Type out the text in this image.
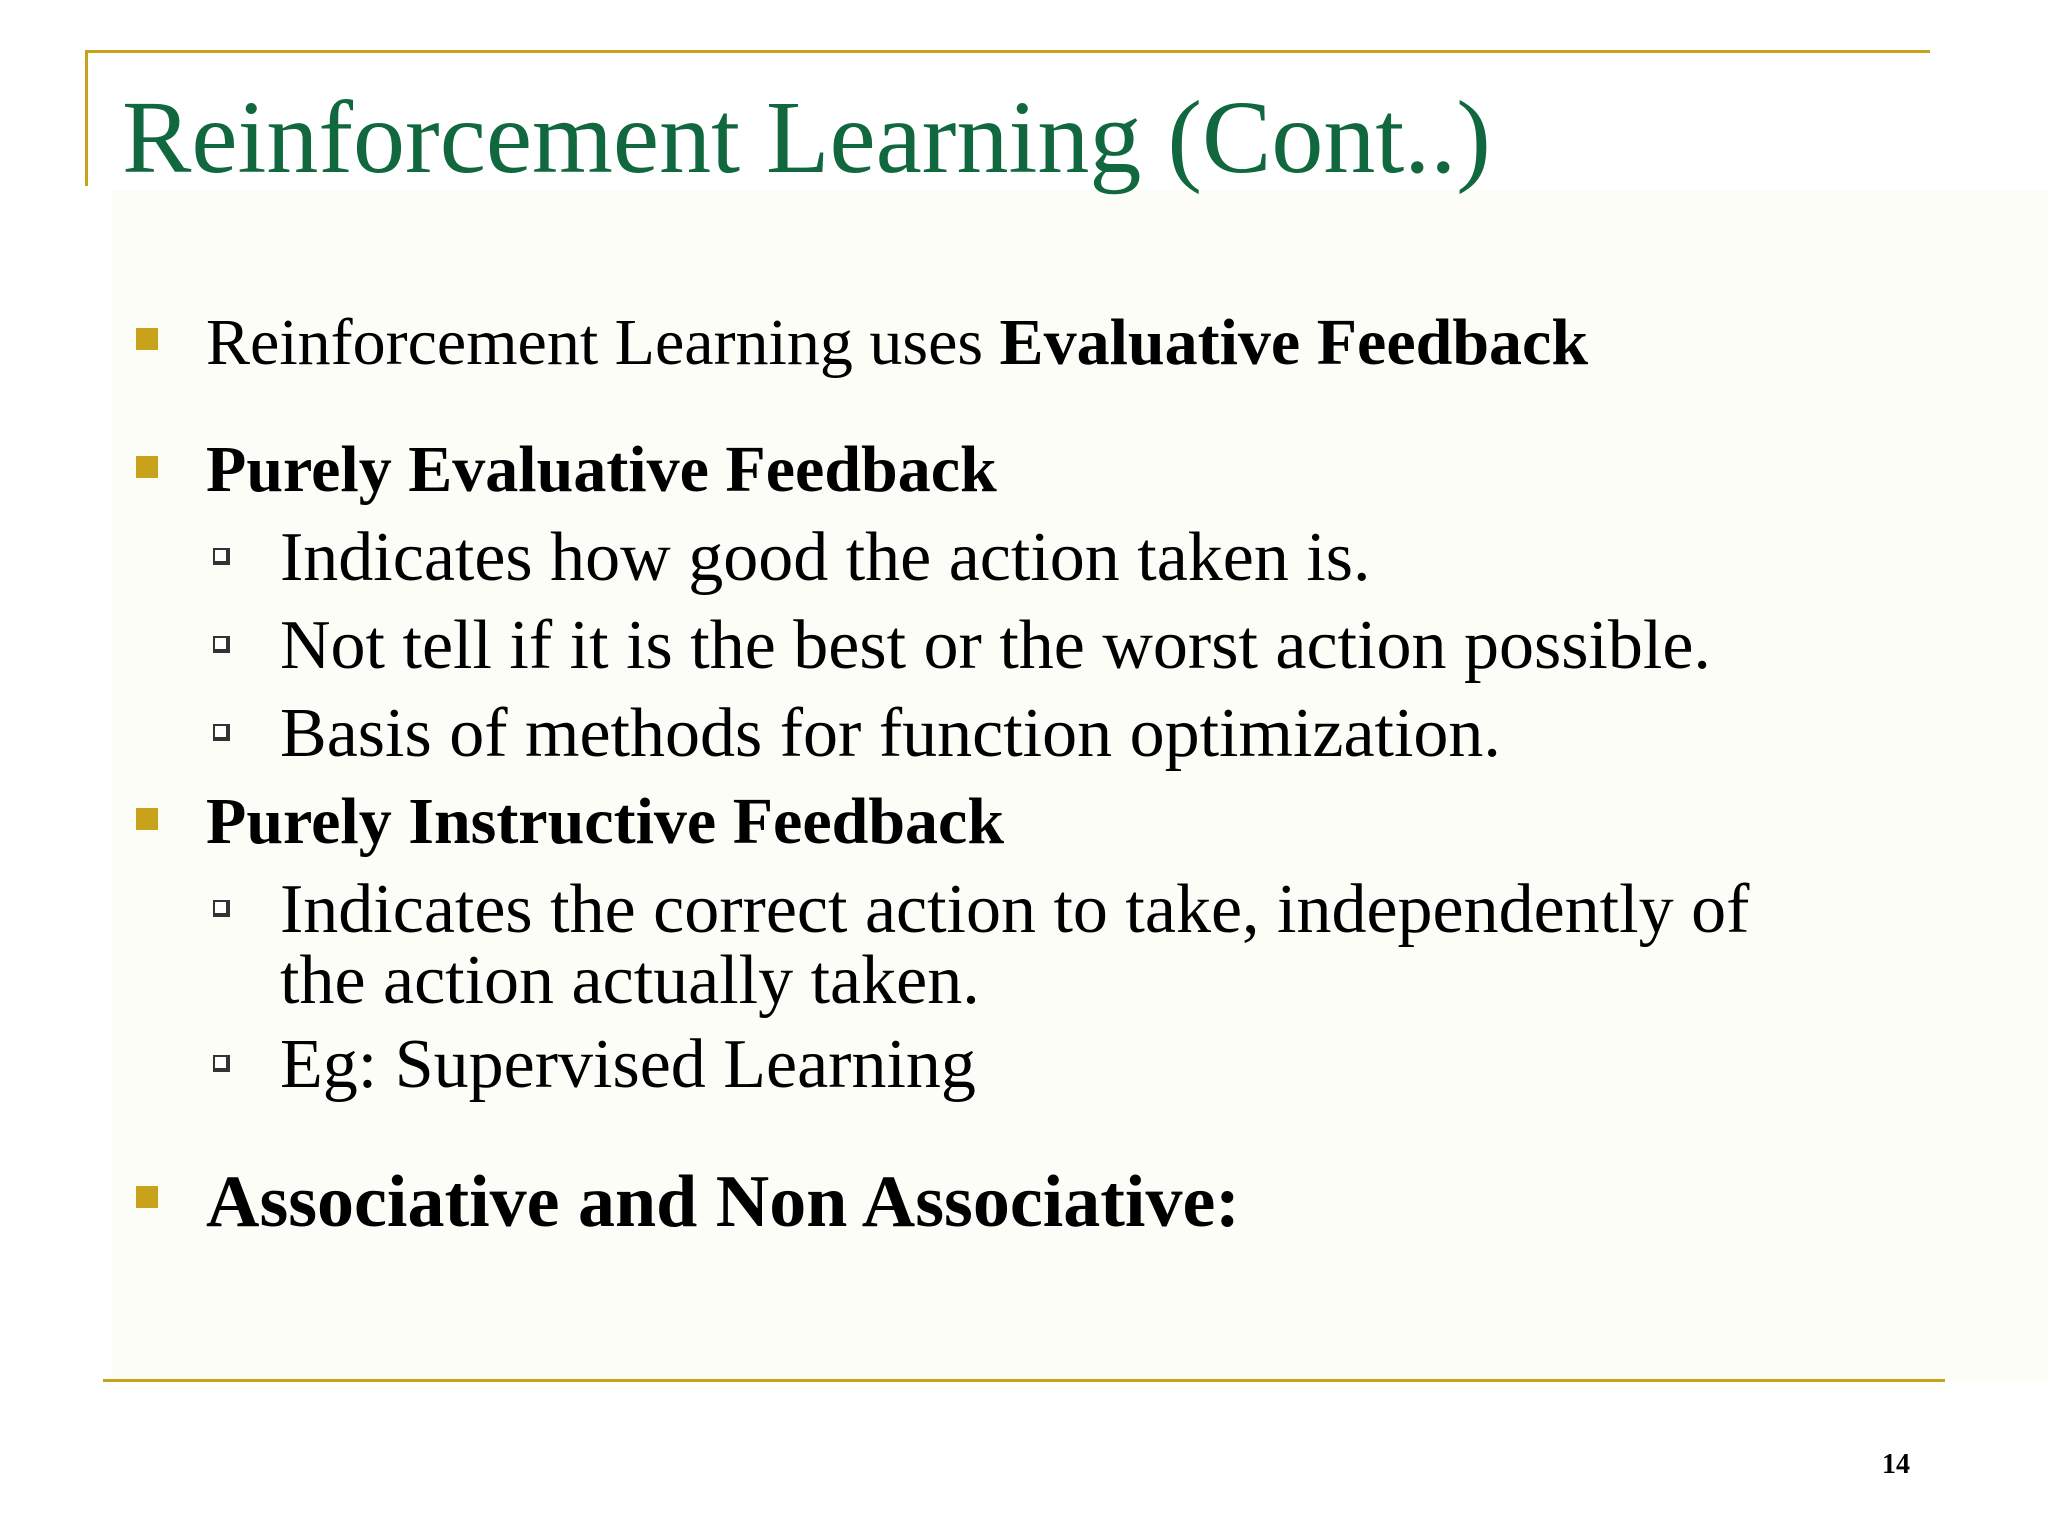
Reinforcement Learning (Cont..)
Reinforcement Learning uses Evaluative Feedback
Purely Evaluative Feedback
Indicates how good the action taken is.
Not tell if it is the best or the worst action possible.
Basis of methods for function optimization.
Purely Instructive Feedback
Indicates the correct action to take, independently of
the action actually taken.
Eg: Supervised Learning
Associative and Non Associative:
14
